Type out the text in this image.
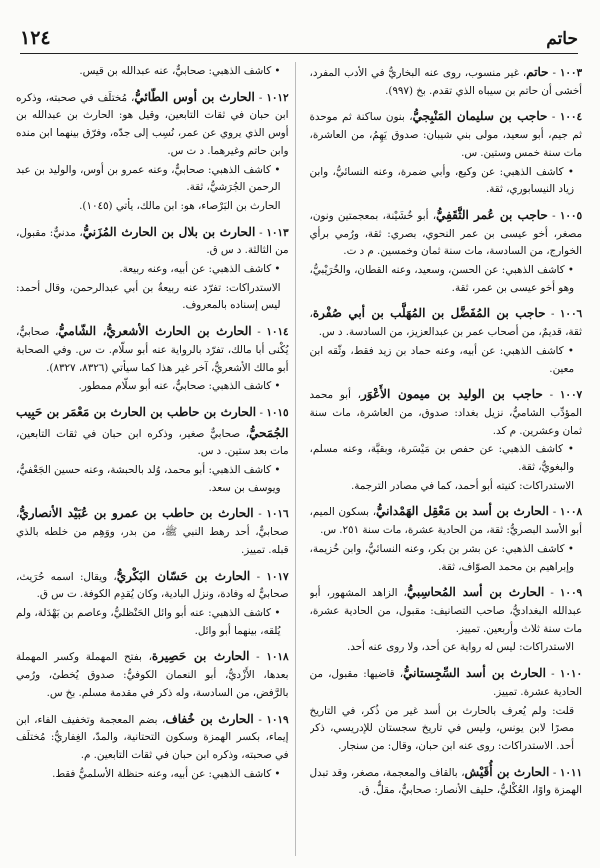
حاتم
١٢٤
١٠٠٣ - حاتم، غير منسوب، روى عنه البخاريُّ في الأدب المفرد، أخشى أن حاتم بن سيباه الذي تقدم. بخ (٩٩٧).
١٠٠٤ - حاجب بن سليمان المَنْبِجيُّ، بنون ساكنة ثم موحدة ثم جيم، أبو سعيد، مولى بني شيبان: صدوق يَهِمُ، من العاشرة، مات سنة خمس وستين. س.
• كاشف الذهبي: عن وكيع، وأبي ضمرة، وعنه النسائيُّ، وابن زياد النيسابوري، ثقة.
١٠٠٥ - حاجب بن عُمر الثَّقَفِيُّ، أبو خُشَيْنة، بمعجمتين ونون، مصغر، أخو عيسى بن عمر النحوي، بصري: ثقة، ورُمي برأي الخوارج، من السادسة، مات سنة ثمان وخمسين. م د ت.
• كاشف الذهبي: عن الحسن، وسعيد، وعنه القطان، والخُرَيْبيُّ، وهو أخو عيسى بن عمر، ثقة.
١٠٠٦ - حاجب بن المُفَضَّل بن المُهَلَّب بن أبي صُفْرة، ثقة، قديمٌ، من أصحاب عمر بن عبدالعزيز، من السادسة. د س.
• كاشف الذهبي: عن أبيه، وعنه حماد بن زيد فقط، وثّقه ابن معين.
١٠٠٧ - حاجب بن الوليد بن ميمون الأَعْوَر، أبو محمد المؤدِّب الشاميُّ، نزيل بغداد: صدوق، من العاشرة، مات سنة ثمان وعشرين. م كد.
• كاشف الذهبي: عن حفص بن مَيْسَرة، وبقيَّة، وعنه مسلم، والبغويُّ، ثقة.
الاستدراكات: كنيته أبو أحمد، كما في مصادر الترجمة.
١٠٠٨ - الحارث بن أسد بن مَعْقِل الهَمْدانيُّ، بسكون الميم، أبو الأسد البصريُّ: ثقة، من الحادية عشرة، مات سنة ٢٥١. س.
• كاشف الذهبي: عن بشر بن بكر، وعنه النسائيُّ، وابن خُزيمة، وإبراهيم بن محمد الصوّاف، ثقة.
١٠٠٩ - الحارث بن أسد المُحاسِبيُّ، الزاهد المشهور، أبو عبدالله البغداديُّ، صاحب التصانيف: مقبول، من الحادية عشرة، مات سنة ثلاث وأربعين. تمييز.
الاستدراكات: ليس له رواية عن أحد، ولا روى عنه أحد.
١٠١٠ - الحارث بن أسد السِّجِستانيُّ، قاضيها: مقبول، من الحادية عشرة. تمييز.
قلت: ولم يُعرف بالحارث بن أسد غير من ذُكر، في التاريخ مصرًا لابن يونس، وليس في تاريخ سجستان للإدريسي، ذكر أحد. الاستدراكات: روى عنه ابن حبان، وقال: من سنجار.
١٠١١ - الحارث بن أُقَيْش، بالقاف والمعجمة، مصغر، وقد تبدل الهمزة واوًا، العُكْليُّ، حليف الأنصار: صحابيٌّ، مقلٌّ. ق.
• كاشف الذهبي: صحابيٌّ، عنه عبدالله بن قيس.
١٠١٢ - الحارث بن أوس الطّائيُّ، مُختلَف في صحبته، وذكره ابن حبان في ثقات التابعين، وقيل هو: الحارث بن عبدالله بن أوس الذي يروي عن عمر، نُسِب إلى جدّه، وفرّق بينهما ابن منده وابن حاتم وغيرهما. د ت س.
• كاشف الذهبي: صحابيٌّ، وعنه عمرو بن أوس، والوليد بن عبد الرحمن الجُرَشيُّ، ثقة.
الحارث بن البَرْصاء، هو: ابن مالك، يأتي (١٠٤٥).
١٠١٣ - الحارث بن بلال بن الحارث المُزَنيُّ، مدنيٌّ: مقبول، من الثالثة. د س ق.
• كاشف الذهبي: عن أبيه، وعنه ربيعة.
الاستدراكات: تفرّد عنه ربيعةُ بن أبي عبدالرحمن، وقال أحمد: ليس إسناده بالمعروف.
١٠١٤ - الحارث بن الحارث الأشعريُّ، الشّاميُّ، صحابيٌّ، يُكْنى أبا مالك، تفرّد بالرواية عنه أبو سلّام. ت س. وفي الصحابة أبو مالك الأشعريُّ، آخر غير هذا كما سيأتي (٨٣٢٦، ٨٣٢٧).
• كاشف الذهبي: صحابيٌّ، عنه أبو سلّام ممطور.
١٠١٥ - الحارث بن حاطب بن الحارث بن مَعْمَر بن حَبِيب الجُمَحيُّ، صحابيٌّ صغير، وذكره ابن حبان في ثقات التابعين، مات بعد ستين. د س.
• كاشف الذهبي: أبو محمد، وُلد بالحبشة، وعنه حسين الجَعْفيُّ، ويوسف بن سعد.
١٠١٦ - الحارث بن حاطب بن عمرو بن عُبَيْد الأنصاريُّ، صحابيٌّ، أحد رهط النبي ﷺ، من بدر، ووَهِم من خلطه بالذي قبله. تمييز.
١٠١٧ - الحارث بن حَسّان البَكْريُّ، ويقال: اسمه حُرَيث، صحابيٌّ له وفادة، ونزل البادية، وكان يُقدِم الكوفة. ت س ق.
• كاشف الذهبي: عنه أبو وائل الحَنْظليُّ، وعاصم بن بَهْدَلة، ولم يُلقه، بينهما أبو وائل.
١٠١٨ - الحارث بن حَصِيرة، بفتح المهملة وكسر المهملة بعدها، الأَزْديُّ، أبو النعمان الكوفيُّ: صدوق يُخطئ، ورُمي بالرَّفض، من السادسة، وله ذكر في مقدمة مسلم. بخ س.
١٠١٩ - الحارث بن خُفاف، بضم المعجمة وتخفيف الفاء، ابن إيماء، بكسر الهمزة وسكون التحتانية، والمدّ، الغِفاريُّ: مُختلَف في صحبته، وذكره ابن حبان في ثقات التابعين. م.
• كاشف الذهبي: عن أبيه، وعنه حنظلة الأسلميُّ فقط.
